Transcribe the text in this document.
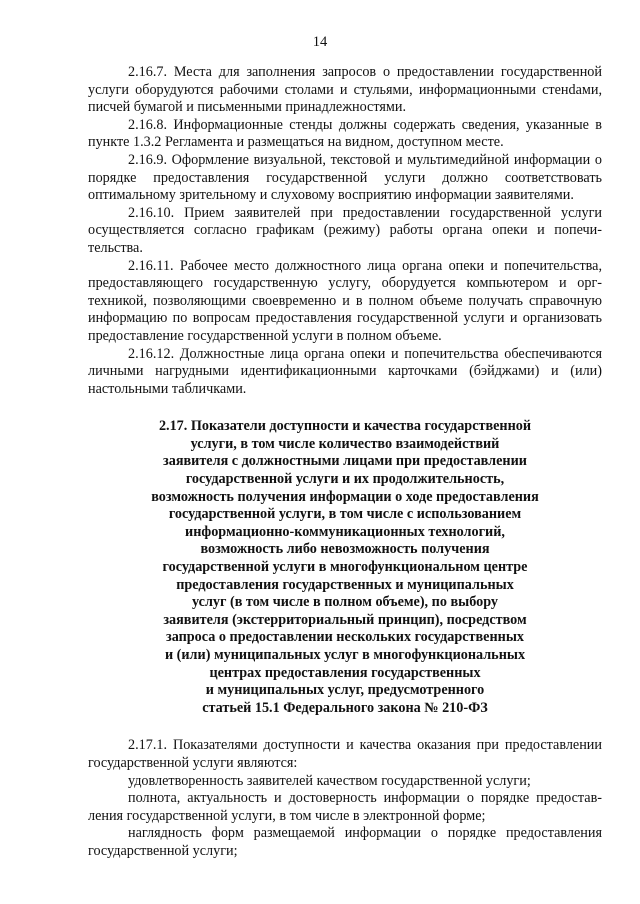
14

2.16.7. Места для заполнения запросов о предоставлении государственной услуги оборудуются рабочими столами и стульями, информационными стенdами, писчей бумагой и письменными принадлежностями.

2.16.8. Информационные стенды должны содержать сведения, указанные в пункте 1.3.2 Регламента и размещаться на видном, доступном месте.

2.16.9. Оформление визуальной, текстовой и мультимедийной информации о порядке предоставления государственной услуги должно соответствовать оптимальному зрительному и слуховому восприятию информации заявителями.

2.16.10. Прием заявителей при предоставлении государственной услуги осуществляется согласно графикам (режиму) работы органа опеки и попечительства.

2.16.11. Рабочее место должностного лица органа опеки и попечительства, предоставляющего государственную услугу, оборудуется компьютером и оргтехникой, позволяющими своевременно и в полном объеме получать справочную информацию по вопросам предоставления государственной услуги и организовать предоставление государственной услуги в полном объеме.

2.16.12. Должностные лица органа опеки и попечительства обеспечиваются личными нагрудными идентификационными карточками (бэйджами) и (или) настольными табличками.

2.17. Показатели доступности и качества государственной
услуги, в том числе количество взаимодействий
заявителя с должностными лицами при предоставлении
государственной услуги и их продолжительность,
возможность получения информации о ходе предоставления
государственной услуги, в том числе с использованием
информационно-коммуникационных технологий,
возможность либо невозможность получения
государственной услуги в многофункциональном центре
предоставления государственных и муниципальных
услуг (в том числе в полном объеме), по выбору
заявителя (экстерриториальный принцип), посредством
запроса о предоставлении нескольких государственных
и (или) муниципальных услуг в многофункциональных
центрах предоставления государственных
и муниципальных услуг, предусмотренного
статьей 15.1 Федерального закона № 210-ФЗ

2.17.1. Показателями доступности и качества оказания при предоставлении государственной услуги являются:

удовлетворенность заявителей качеством государственной услуги;

полнота, актуальность и достоверность информации о порядке предоставления государственной услуги, в том числе в электронной форме;

наглядность форм размещаемой информации о порядке предоставления государственной услуги;
